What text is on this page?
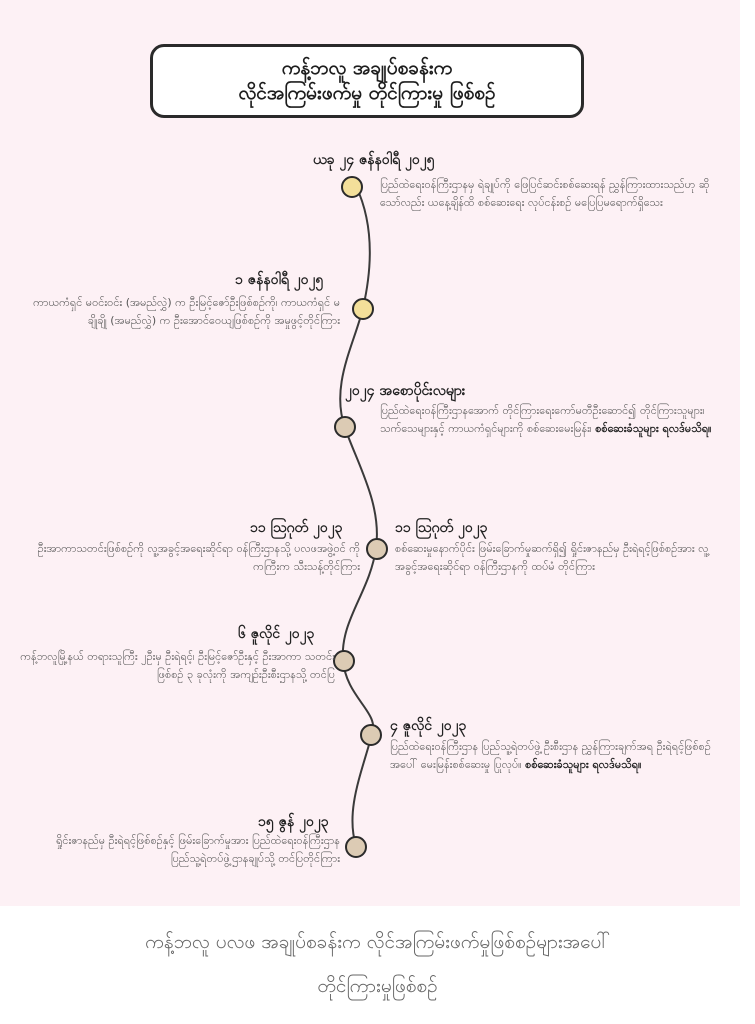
ကန့်ဘလူ အချုပ်စခန်းက
လိုင်အကြမ်းဖက်မှု တိုင်ကြားမှု ဖြစ်စဉ်
ယခု ၂၄ ဇန်နဝါရီ ၂၀၂၅
ပြည်ထဲရေးဝန်ကြီးဌာနမှ ရဲချုပ်ကို ဖြေပြင်ဆင်းစစ်ဆေးရန် ညွှန်ကြားထားသည်ဟု ဆိုသော်လည်း ယနေ့ချိန်ထိ စစ်ဆေးရေး လုပ်ငန်းစဉ် မပြေပြမရောက်ရှိသေး
၁ ဇန်နဝါရီ ၂၀၂၅
ကာယကံရှင် မဝင်းဝင်း (အမည်လွှဲ) က ဦးမြင့်ဇော်ဦးဖြစ်စဉ်ကို၊ ကာယကံရှင် မချိုချို (အမည်လွှဲ) က ဦးအောင်ဝေယျဖြစ်စဉ်ကို အမှုဖွင့်တိုင်ကြား
၂၀၂၄ အစောပိုင်းလများ
ပြည်ထဲရေးဝန်ကြီးဌာနအောက် တိုင်ကြားရေးကော်မတီဦးဆောင်၍ တိုင်ကြားသူများ၊ သက်သေများနှင့် ကာယကံရှင်များကို စစ်ဆေးမေးမြန်း၊ စစ်ဆေးခံသူများ ရလဒ်မသိရ။
၁၁ ဩဂုတ် ၂၀၂၃
ဦးအာကာသတင်းဖြစ်စဉ်ကို လူ့အခွင့်အရေးဆိုင်ရာ ဝန်ကြီးဌာနသို့ ပလဖအဖွဲ့ဝင် ကိုကကြီးက သီးသန့်တိုင်ကြား
၁၁ ဩဂုတ် ၂၀၂၃
စစ်ဆေးမှုနောက်ပိုင်း ဖြမ်းခြောက်မှုဆက်ရှိ၍ ရှိုင်းဇာနည်မှ ဦးရဲရင့်ဖြစ်စဉ်အား လူ့အခွင့်အရေးဆိုင်ရာ ဝန်ကြီးဌာနကို ထပ်မံ တိုင်ကြား
၆ ဇူလိုင် ၂၀၂၃
ကန့်ဘလူမြို့နယ် တရားသူကြီး ၂ဦးမှ ဦးရဲရင့်၊ ဦးမြင့်ဇော်ဦးနှင့် ဦးအာကာ သတင်းဖြစ်စဉ် ၃ ခုလုံးကို အကျဉ်းဦးစီးဌာနသို့ တင်ပြ
၄ ဇူလိုင် ၂၀၂၃
ပြည်ထဲရေးဝန်ကြီးဌာန ပြည်သူ့ရဲတပ်ဖွဲ့ ဦးစီးဌာန ညွှန်ကြားချက်အရ ဦးရဲရင့်ဖြစ်စဉ်အပေါ် မေးမြန်းစစ်ဆေးမှု ပြုလုပ်။ စစ်ဆေးခံသူများ ရလဒ်မသိရ။
၁၅ ဇွန် ၂၀၂၃
ရှိုင်းဇာနည်မှ ဦးရဲရင့်ဖြစ်စဉ်နှင့် ဖြမ်းခြောက်မှုအား ပြည်ထဲရေးဝန်ကြီးဌာန ပြည်သူ့ရဲတပ်ဖွဲ့ဌာနချုပ်သို့ တင်ပြတိုင်ကြား
ကန့်ဘလူ ပလဖ အချုပ်စခန်းက လိုင်အကြမ်းဖက်မှုဖြစ်စဉ်များအပေါ်
တိုင်ကြားမှုဖြစ်စဉ်
